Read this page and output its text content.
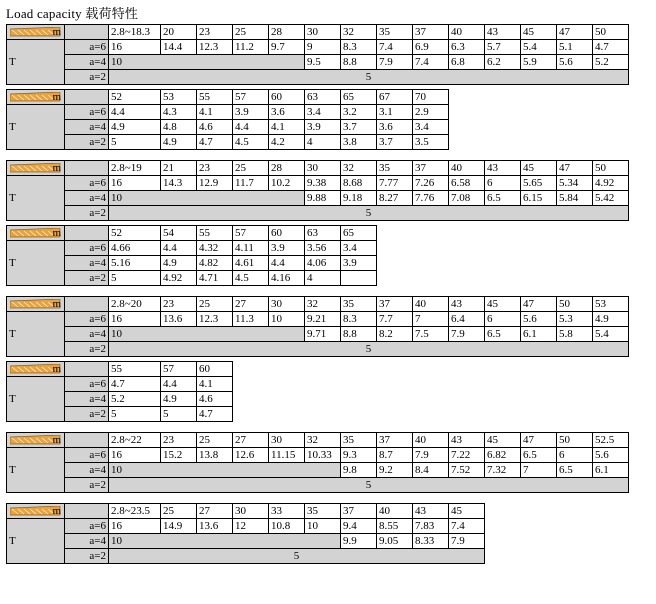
Load capacity 载荷特性
m		2.8~18.3	20	23	25	28	30	32	35	37	40	43	45	47	50
T	a=6	16	14.4	12.3	11.2	9.7	9	8.3	7.4	6.9	6.3	5.7	5.4	5.1	4.7
	a=4	10					9.5	8.8	7.9	7.4	6.8	6.2	5.9	5.6	5.2
	a=2	5													
m		52	53	55	57	60	63	65	67	70
T	a=6	4.4	4.3	4.1	3.9	3.6	3.4	3.2	3.1	2.9
	a=4	4.9	4.8	4.6	4.4	4.1	3.9	3.7	3.6	3.4
	a=2	5	4.9	4.7	4.5	4.2	4	3.8	3.7	3.5
m		2.8~19	21	23	25	28	30	32	35	37	40	43	45	47	50
T	a=6	16	14.3	12.9	11.7	10.2	9.38	8.68	7.77	7.26	6.58	6	5.65	5.34	4.92
	a=4	10					9.88	9.18	8.27	7.76	7.08	6.5	6.15	5.84	5.42
	a=2	5													
m		52	54	55	57	60	63	65
T	a=6	4.66	4.4	4.32	4.11	3.9	3.56	3.4
	a=4	5.16	4.9	4.82	4.61	4.4	4.06	3.9
	a=2	5	4.92	4.71	4.5	4.16	4	
m		2.8~20	23	25	27	30	32	35	37	40	43	45	47	50	53
T	a=6	16	13.6	12.3	11.3	10	9.21	8.3	7.7	7	6.4	6	5.6	5.3	4.9
	a=4	10					9.71	8.8	8.2	7.5	7.9	6.5	6.1	5.8	5.4
	a=2	5													
m		55	57	60
T	a=6	4.7	4.4	4.1
	a=4	5.2	4.9	4.6
	a=2	5	5	4.7
m		2.8~22	23	25	27	30	32	35	37	40	43	45	47	50	52.5
T	a=6	16	15.2	13.8	12.6	11.15	10.33	9.3	8.7	7.9	7.22	6.82	6.5	6	5.6
	a=4	10						9.8	9.2	8.4	7.52	7.32	7	6.5	6.1
	a=2	5													
m		2.8~23.5	25	27	30	33	35	37	40	43	45
T	a=6	16	14.9	13.6	12	10.8	10	9.4	8.55	7.83	7.4
	a=4	10						9.9	9.05	8.33	7.9
	a=2	5									
